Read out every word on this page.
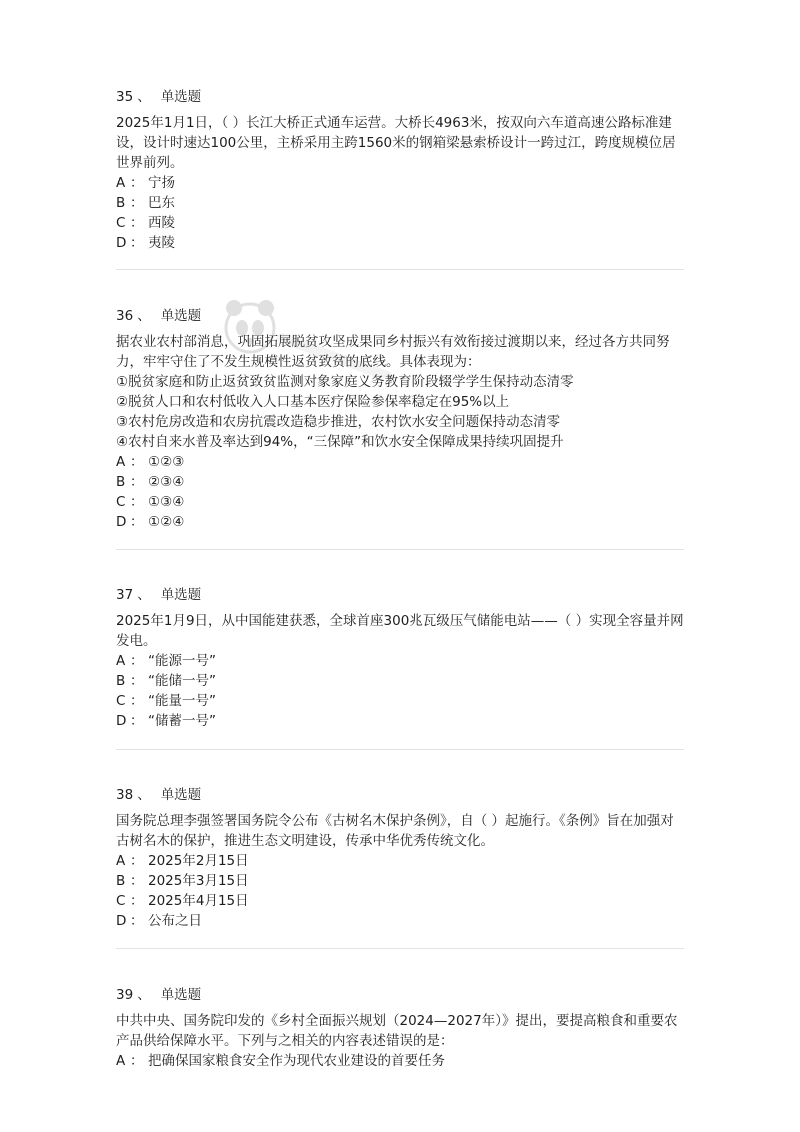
35 、 单选题
2025年1月1日，（ ）长江大桥正式通车运营。大桥长4963米，按双向六车道高速公路标准建设，设计时速达100公里，主桥采用主跨1560米的钢箱梁悬索桥设计一跨过江，跨度规模位居世界前列。
A ： 宁扬
B ： 巴东
C ： 西陵
D ： 夷陵
36 、 单选题
据农业农村部消息，巩固拓展脱贫攻坚成果同乡村振兴有效衔接过渡期以来，经过各方共同努力，牢牢守住了不发生规模性返贫致贫的底线。具体表现为：
①脱贫家庭和防止返贫致贫监测对象家庭义务教育阶段辍学学生保持动态清零
②脱贫人口和农村低收入人口基本医疗保险参保率稳定在95%以上
③农村危房改造和农房抗震改造稳步推进，农村饮水安全问题保持动态清零
④农村自来水普及率达到94%，“三保障”和饮水安全保障成果持续巩固提升
A ： ①②③
B ： ②③④
C ： ①③④
D ： ①②④
37 、 单选题
2025年1月9日，从中国能建获悉，全球首座300兆瓦级压气储能电站——（ ）实现全容量并网发电。
A ： “能源一号”
B ： “能储一号”
C ： “能量一号”
D ： “储蓄一号”
38 、 单选题
国务院总理李强签署国务院令公布《古树名木保护条例》，自（ ）起施行。《条例》旨在加强对古树名木的保护，推进生态文明建设，传承中华优秀传统文化。
A ： 2025年2月15日
B ： 2025年3月15日
C ： 2025年4月15日
D ： 公布之日
39 、 单选题
中共中央、国务院印发的《乡村全面振兴规划（2024—2027年）》提出，要提高粮食和重要农产品供给保障水平。下列与之相关的内容表述错误的是：
A ： 把确保国家粮食安全作为现代农业建设的首要任务
